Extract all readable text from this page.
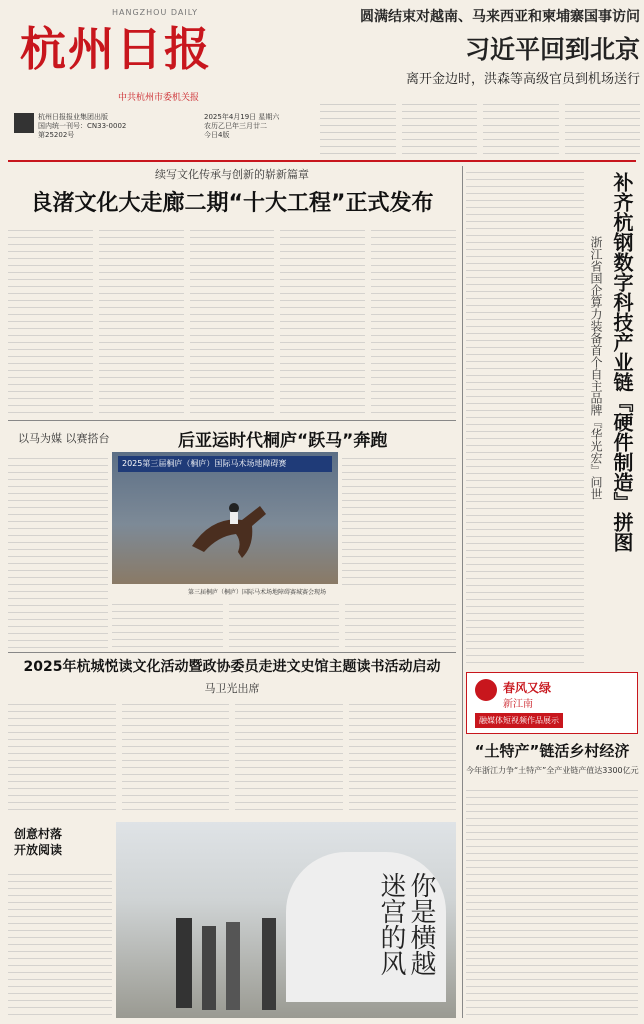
HANGZHOU DAILY
杭州日报
中共杭州市委机关报
杭州日报报业集团出版
国内统一刊号：CN33-0002
第25202号
2025年4月19日 星期六
农历乙巳年三月廿二
今日4版

圆满结束对越南、马来西亚和柬埔寨国事访问

习近平回到北京

离开金边时，洪森等高级官员到机场送行

续写文化传承与创新的崭新篇章
良渚文化大走廊二期“十大工程”正式发布
以马为媒 以赛搭台	后亚运时代桐庐“跃马”奔跑
2025第三届桐庐（桐庐）国际马术场地障碍赛
第三届桐庐（桐庐）国际马术场地障碍赛城赛会现场
2025年杭城悦读文化活动暨政协委员走进文史馆主题读书活动启动
马卫光出席
创意村落
开放阅读
你是横越迷宫的风
补齐杭钢数字科技产业链『硬件制造』拼图
浙江省国企算力装备首个自主品牌『华光宏』问世
春风又绿
新江南
融媒体短视频作品展示
“土特产”链活乡村经济
今年浙江力争“土特产”全产业链产值达3300亿元
